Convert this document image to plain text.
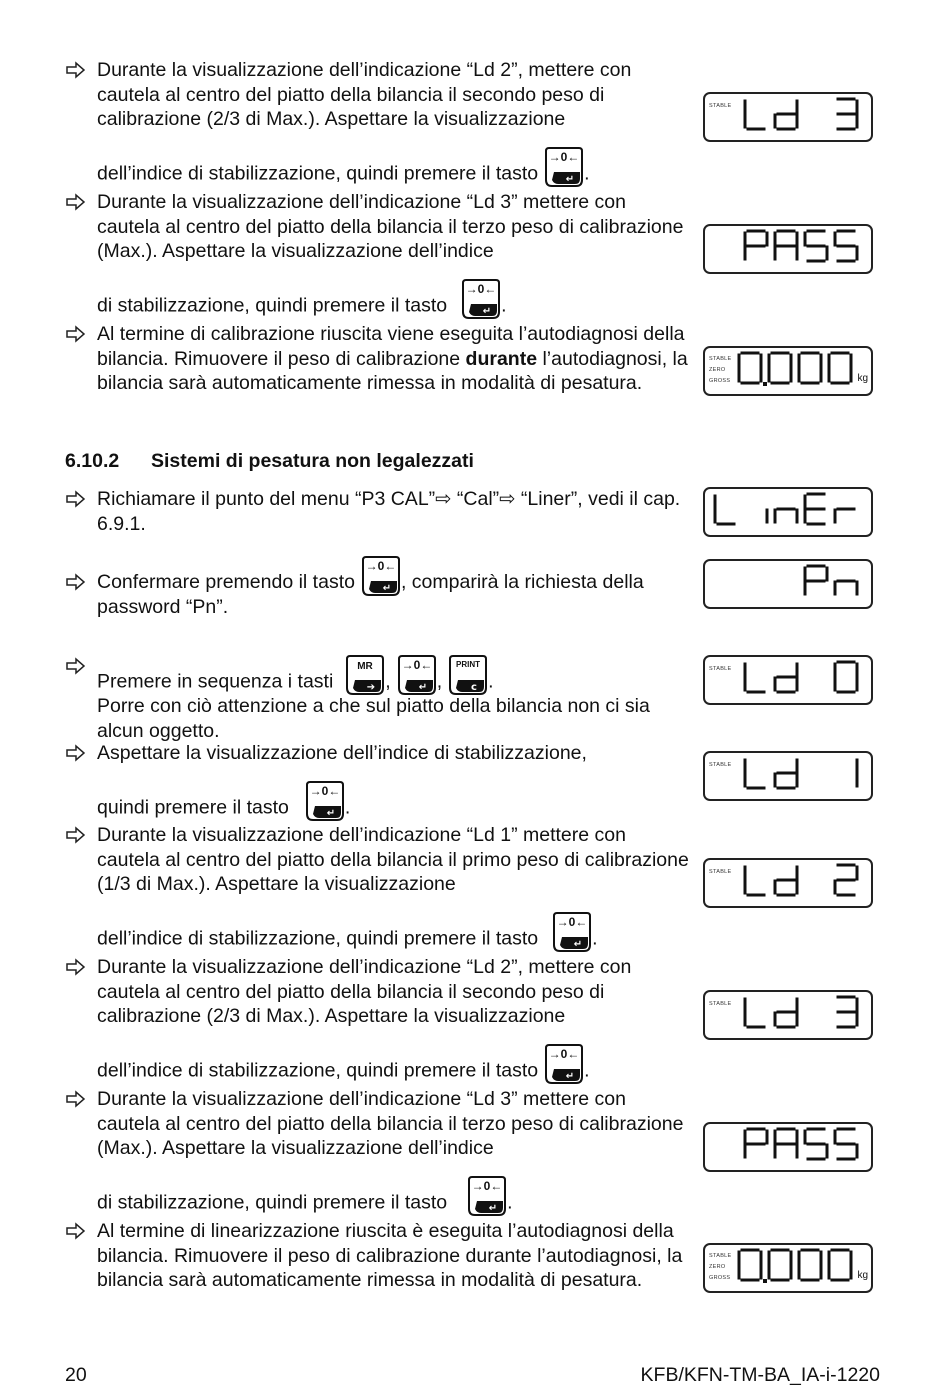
Durante la visualizzazione dell’indicazione “Ld 2”, mettere con cautela al centro del piatto della bilancia il secondo peso di calibrazione (2/3 di Max.). Aspettare la visualizzazione
dell’indice di stabilizzazione, quindi premere il tasto
→0←
↵ .
Durante la visualizzazione dell’indicazione “Ld 3” mettere con cautela al centro del piatto della bilancia il terzo peso di calibrazione (Max.). Aspettare la visualizzazione dell’indice
di stabilizzazione, quindi premere il tasto
→0←
↵ .
Al termine di calibrazione riuscita viene eseguita l’autodiagnosi della bilancia. Rimuovere il peso di calibrazione durante l’autodiagnosi, la bilancia sarà automaticamente rimessa in modalità di pesatura.
6.10.2 Sistemi di pesatura non legalezzati
Richiamare il punto del menu “P3 CAL”⇨ “Cal”⇨ “Liner”, vedi il cap. 6.9.1.
Confermare premendo il tasto
→0←
↵ , comparirà la richiesta della password “Pn”.
Premere in sequenza i tasti
MR
➔ ,
→0←
↵ ,
PRINT
c .
Porre con ciò attenzione a che sul piatto della bilancia non ci sia alcun oggetto.
Aspettare la visualizzazione dell’indice di stabilizzazione,
quindi premere il tasto
→0←
↵ .
Durante la visualizzazione dell’indicazione “Ld 1” mettere con cautela al centro del piatto della bilancia il primo peso di calibrazione (1/3 di Max.). Aspettare la visualizzazione
dell’indice di stabilizzazione, quindi premere il tasto
→0←
↵ .
Durante la visualizzazione dell’indicazione “Ld 2”, mettere con cautela al centro del piatto della bilancia il secondo peso di calibrazione (2/3 di Max.). Aspettare la visualizzazione
dell’indice di stabilizzazione, quindi premere il tasto
→0←
↵ .
Durante la visualizzazione dell’indicazione “Ld 3” mettere con cautela al centro del piatto della bilancia il terzo peso di calibrazione (Max.). Aspettare la visualizzazione dell’indice
di stabilizzazione, quindi premere il tasto
→0←
↵ .
Al termine di linearizzazione riuscita è eseguita l’autodiagnosi della bilancia. Rimuovere il peso di calibrazione durante l’autodiagnosi, la bilancia sarà automaticamente rimessa in modalità di pesatura.
STABLE
STABLE
ZERO
GROSS	kg
STABLE
STABLE
STABLE
STABLE
STABLE
ZERO
GROSS	kg
20	KFB/KFN-TM-BA_IA-i-1220
